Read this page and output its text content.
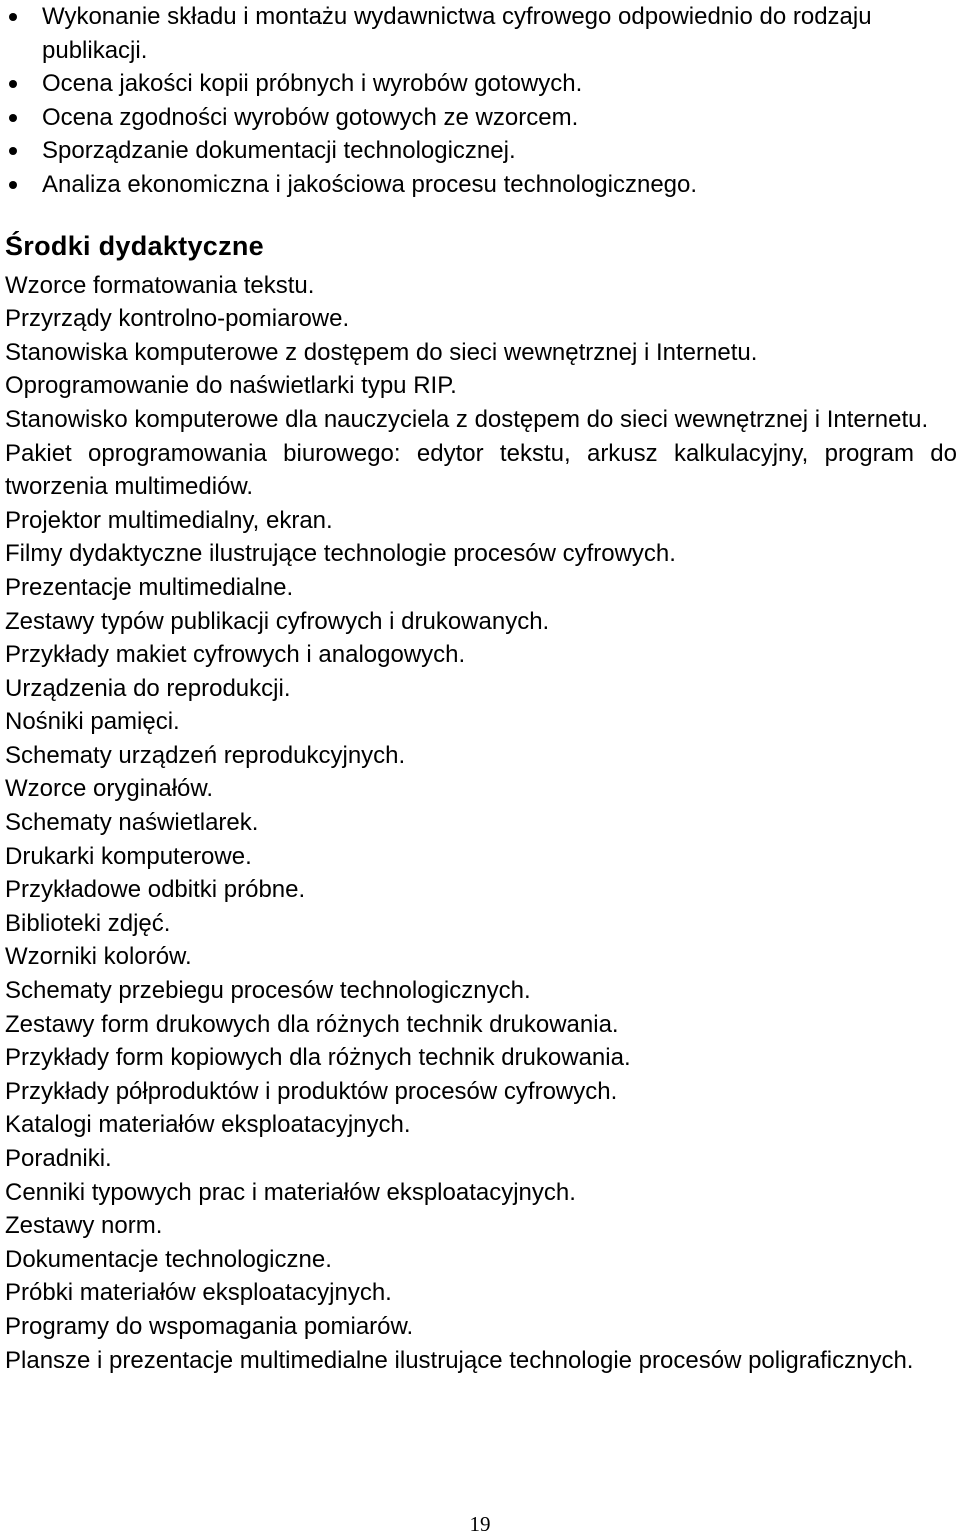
Wykonanie składu i montażu wydawnictwa cyfrowego odpowiednio do rodzaju publikacji.
Ocena jakości kopii próbnych i wyrobów gotowych.
Ocena zgodności wyrobów gotowych ze wzorcem.
Sporządzanie dokumentacji technologicznej.
Analiza ekonomiczna i jakościowa procesu technologicznego.
Środki dydaktyczne
Wzorce formatowania tekstu.
Przyrządy kontrolno-pomiarowe.
Stanowiska komputerowe z dostępem do sieci wewnętrznej i Internetu.
Oprogramowanie do naświetlarki typu RIP.
Stanowisko komputerowe dla nauczyciela z dostępem do sieci wewnętrznej i Internetu.
Pakiet oprogramowania biurowego: edytor tekstu, arkusz kalkulacyjny, program do tworzenia multimediów.
Projektor multimedialny, ekran.
Filmy dydaktyczne ilustrujące technologie procesów cyfrowych.
Prezentacje multimedialne.
Zestawy typów publikacji cyfrowych i drukowanych.
Przykłady makiet cyfrowych i analogowych.
Urządzenia do reprodukcji.
Nośniki pamięci.
Schematy urządzeń reprodukcyjnych.
Wzorce oryginałów.
Schematy naświetlarek.
Drukarki komputerowe.
Przykładowe odbitki próbne.
Biblioteki zdjęć.
Wzorniki kolorów.
Schematy przebiegu procesów technologicznych.
Zestawy form drukowych dla różnych technik drukowania.
Przykłady form kopiowych dla różnych technik drukowania.
Przykłady półproduktów i produktów procesów cyfrowych.
Katalogi materiałów eksploatacyjnych.
Poradniki.
Cenniki typowych prac i materiałów eksploatacyjnych.
Zestawy norm.
Dokumentacje technologiczne.
Próbki materiałów eksploatacyjnych.
Programy do wspomagania pomiarów.
Plansze i prezentacje multimedialne ilustrujące technologie procesów poligraficznych.
19
